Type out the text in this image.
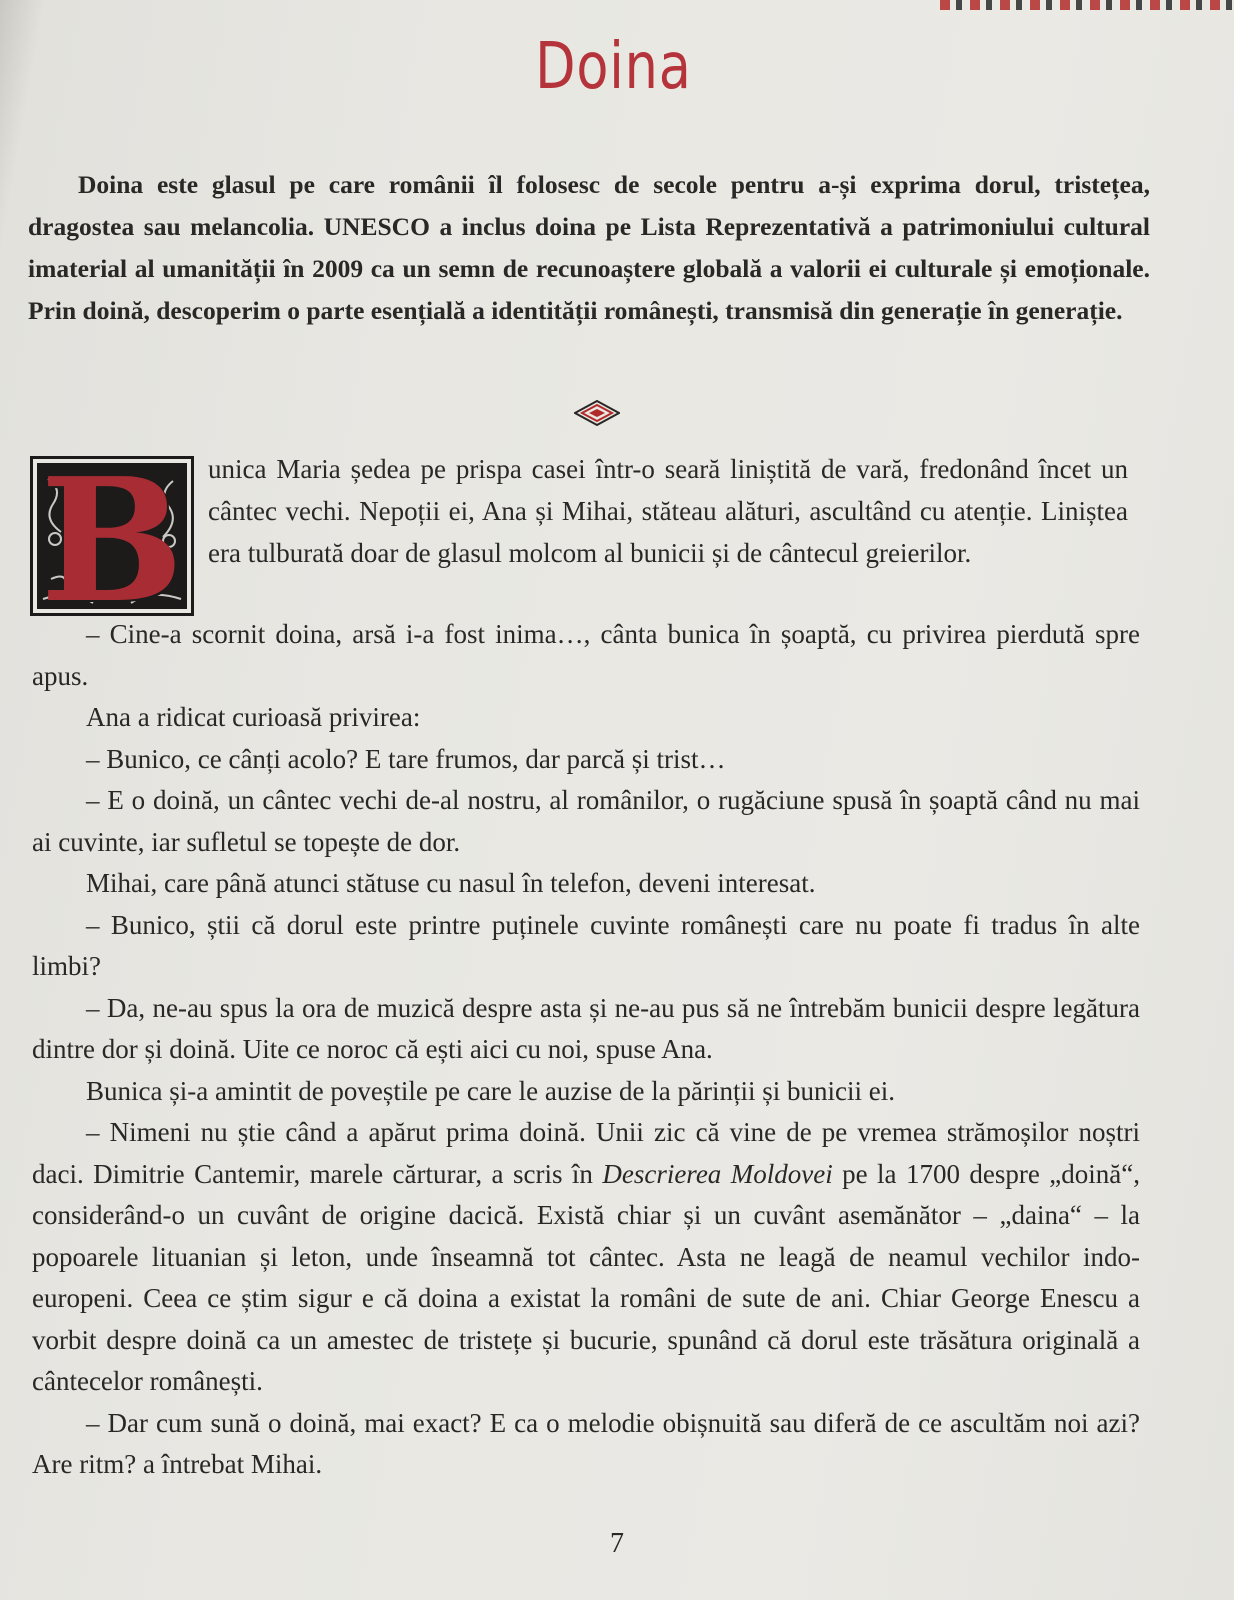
Doina

Doina este glasul pe care românii îl folosesc de secole pentru a-și exprima dorul, tristețea, dragostea sau melancolia. UNESCO a inclus doina pe Lista Reprezentativă a patrimoniului cultural imaterial al umanității în 2009 ca un semn de recunoaștere globală a valorii ei culturale și emoționale. Prin doină, descoperim o parte esențială a identității românești, transmisă din generație în generație.

B unica Maria ședea pe prispa casei într-o seară liniștită de vară, fredonând încet un cântec vechi. Nepoții ei, Ana și Mihai, stăteau alături, ascultând cu atenție. Liniștea era tulburată doar de glasul molcom al bunicii și de cântecul greierilor.

– Cine-a scornit doina, arsă i-a fost inima…, cânta bunica în șoaptă, cu privirea pierdută spre apus.

Ana a ridicat curioasă privirea:

– Bunico, ce cânți acolo? E tare frumos, dar parcă și trist…

– E o doină, un cântec vechi de-al nostru, al românilor, o rugăciune spusă în șoaptă când nu mai ai cuvinte, iar sufletul se topește de dor.

Mihai, care până atunci stătuse cu nasul în telefon, deveni interesat.

– Bunico, știi că dorul este printre puținele cuvinte românești care nu poate fi tradus în alte limbi?

– Da, ne-au spus la ora de muzică despre asta și ne-au pus să ne întrebăm bunicii despre legătura dintre dor și doină. Uite ce noroc că ești aici cu noi, spuse Ana.

Bunica și-a amintit de poveștile pe care le auzise de la părinții și bunicii ei.

– Nimeni nu știe când a apărut prima doină. Unii zic că vine de pe vremea strămoșilor noștri daci. Dimitrie Cantemir, marele cărturar, a scris în Descrierea Moldovei pe la 1700 despre „doină“, considerând-o un cuvânt de origine dacică. Există chiar și un cuvânt asemănător – „daina“ – la popoarele lituanian și leton, unde înseamnă tot cântec. Asta ne leagă de neamul vechilor indo-europeni. Ceea ce știm sigur e că doina a existat la români de sute de ani. Chiar George Enescu a vorbit despre doină ca un amestec de tristețe și bucurie, spunând că dorul este trăsătura originală a cântecelor românești.

– Dar cum sună o doină, mai exact? E ca o melodie obișnuită sau diferă de ce ascultăm noi azi? Are ritm? a întrebat Mihai.

7
